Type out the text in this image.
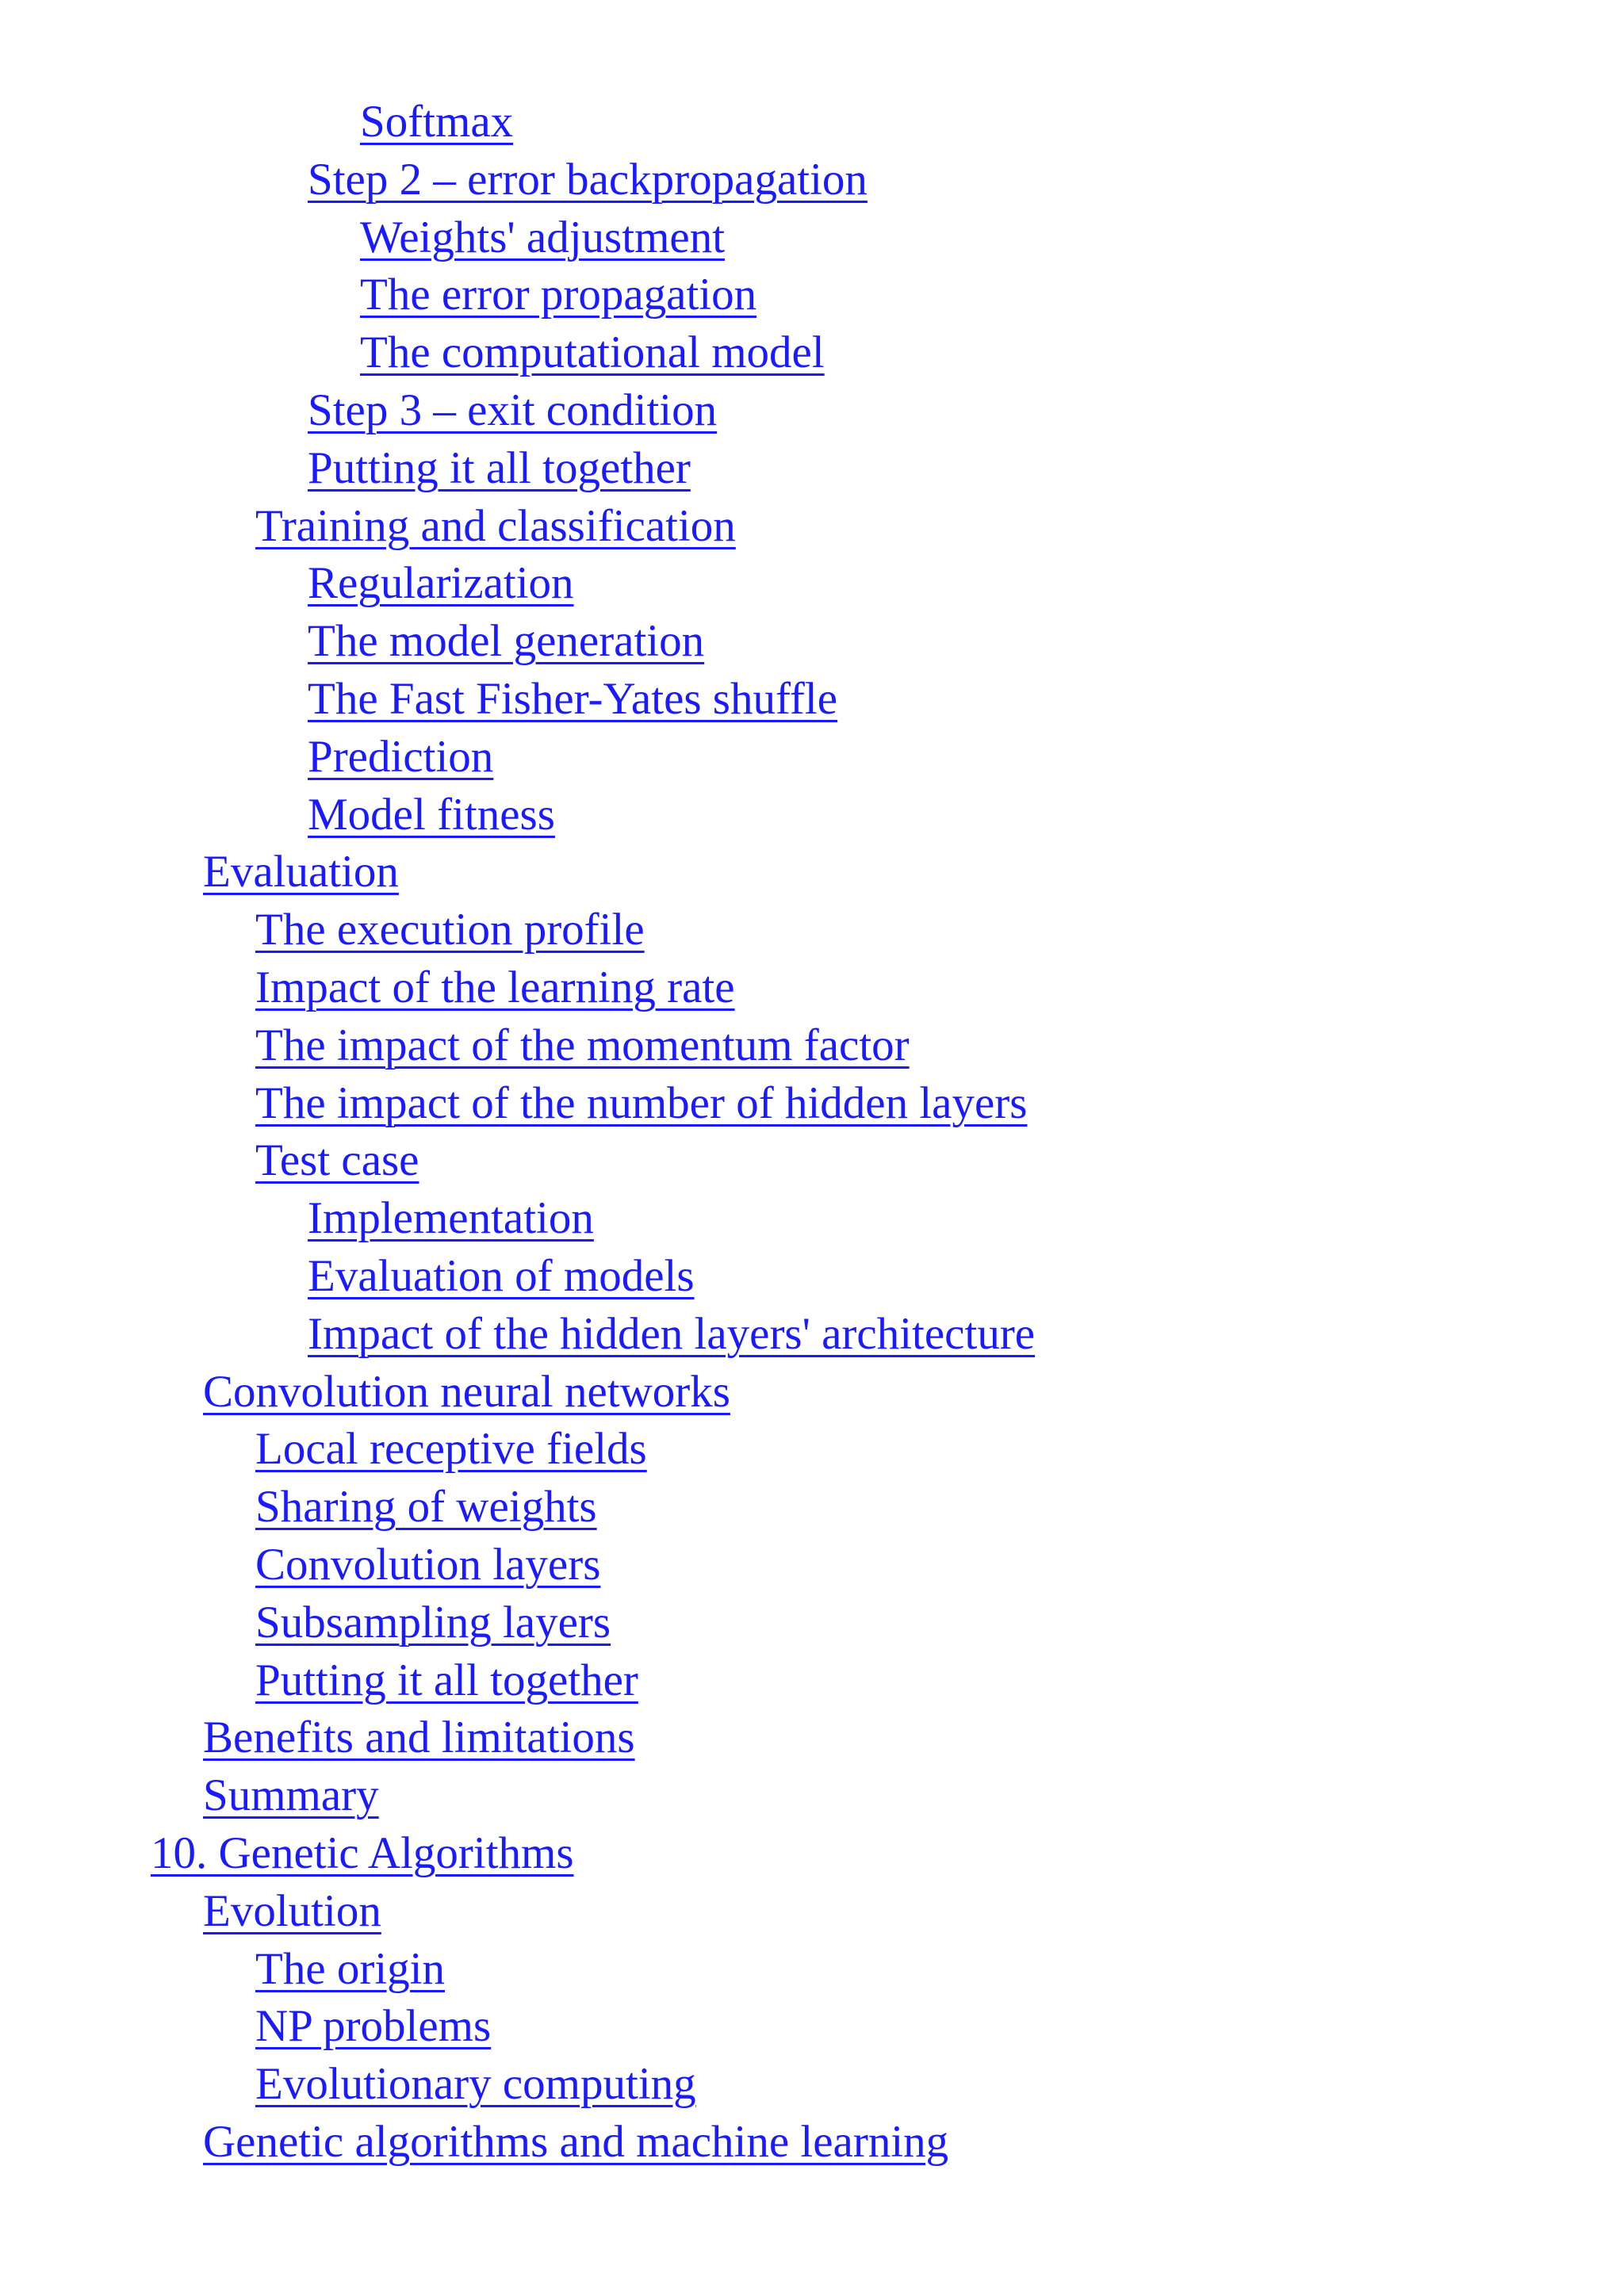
Softmax
Step 2 – error backpropagation
Weights' adjustment
The error propagation
The computational model
Step 3 – exit condition
Putting it all together
Training and classification
Regularization
The model generation
The Fast Fisher-Yates shuffle
Prediction
Model fitness
Evaluation
The execution profile
Impact of the learning rate
The impact of the momentum factor
The impact of the number of hidden layers
Test case
Implementation
Evaluation of models
Impact of the hidden layers' architecture
Convolution neural networks
Local receptive fields
Sharing of weights
Convolution layers
Subsampling layers
Putting it all together
Benefits and limitations
Summary
10. Genetic Algorithms
Evolution
The origin
NP problems
Evolutionary computing
Genetic algorithms and machine learning
